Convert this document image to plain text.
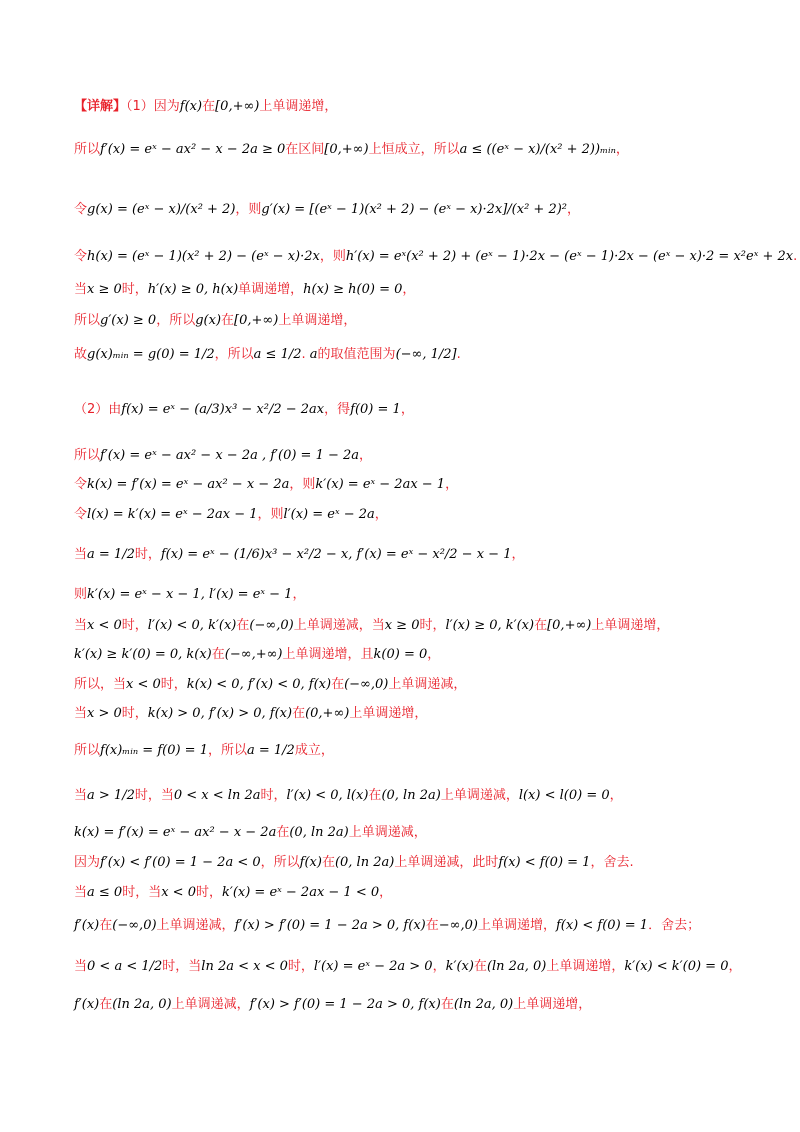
【详解】（1）因为f(x)在[0,+∞)上单调递增，
所以f′(x) = eˣ − ax² − x − 2a ≥ 0在区间[0,+∞)上恒成立，所以a ≤ ((eˣ − x)/(x² + 2))ₘᵢₙ，
令g(x) = (eˣ − x)/(x² + 2)，则g′(x) = [(eˣ − 1)(x² + 2) − (eˣ − x)·2x]/(x² + 2)²，
令h(x) = (eˣ − 1)(x² + 2) − (eˣ − x)·2x，则h′(x) = eˣ(x² + 2) + (eˣ − 1)·2x − (eˣ − 1)·2x − (eˣ − x)·2 = x²eˣ + 2x.
当x ≥ 0时，h′(x) ≥ 0, h(x)单调递增，h(x) ≥ h(0) = 0，
所以g′(x) ≥ 0，所以g(x)在[0,+∞)上单调递增，
故g(x)ₘᵢₙ = g(0) = 1/2，所以a ≤ 1/2. a的取值范围为(−∞, 1/2].
（2）由f(x) = eˣ − (a/3)x³ − x²/2 − 2ax，得f(0) = 1，
所以f′(x) = eˣ − ax² − x − 2a , f′(0) = 1 − 2a，
令k(x) = f′(x) = eˣ − ax² − x − 2a，则k′(x) = eˣ − 2ax − 1，
令l(x) = k′(x) = eˣ − 2ax − 1，则l′(x) = eˣ − 2a，
当a = 1/2时，f(x) = eˣ − (1/6)x³ − x²/2 − x, f′(x) = eˣ − x²/2 − x − 1，
则k′(x) = eˣ − x − 1, l′(x) = eˣ − 1，
当x < 0时，l′(x) < 0, k′(x)在(−∞,0)上单调递减，当x ≥ 0时，l′(x) ≥ 0, k′(x)在[0,+∞)上单调递增，
k′(x) ≥ k′(0) = 0, k(x)在(−∞,+∞)上单调递增，且k(0) = 0，
所以，当x < 0时，k(x) < 0, f′(x) < 0, f(x)在(−∞,0)上单调递减，
当x > 0时，k(x) > 0, f′(x) > 0, f(x)在(0,+∞)上单调递增，
所以f(x)ₘᵢₙ = f(0) = 1，所以a = 1/2成立，
当a > 1/2时，当0 < x < ln 2a时，l′(x) < 0, l(x)在(0, ln 2a)上单调递减，l(x) < l(0) = 0，
k(x) = f′(x) = eˣ − ax² − x − 2a在(0, ln 2a)上单调递减，
因为f′(x) < f′(0) = 1 − 2a < 0，所以f(x)在(0, ln 2a)上单调递减，此时f(x) < f(0) = 1，舍去.
当a ≤ 0时，当x < 0时，k′(x) = eˣ − 2ax − 1 < 0，
f′(x)在(−∞,0)上单调递减，f′(x) > f′(0) = 1 − 2a > 0, f(x)在−∞,0)上单调递增，f(x) < f(0) = 1．舍去；
当0 < a < 1/2时，当ln 2a < x < 0时，l′(x) = eˣ − 2a > 0，k′(x)在(ln 2a, 0)上单调递增，k′(x) < k′(0) = 0，
f′(x)在(ln 2a, 0)上单调递减，f′(x) > f′(0) = 1 − 2a > 0, f(x)在(ln 2a, 0)上单调递增，
